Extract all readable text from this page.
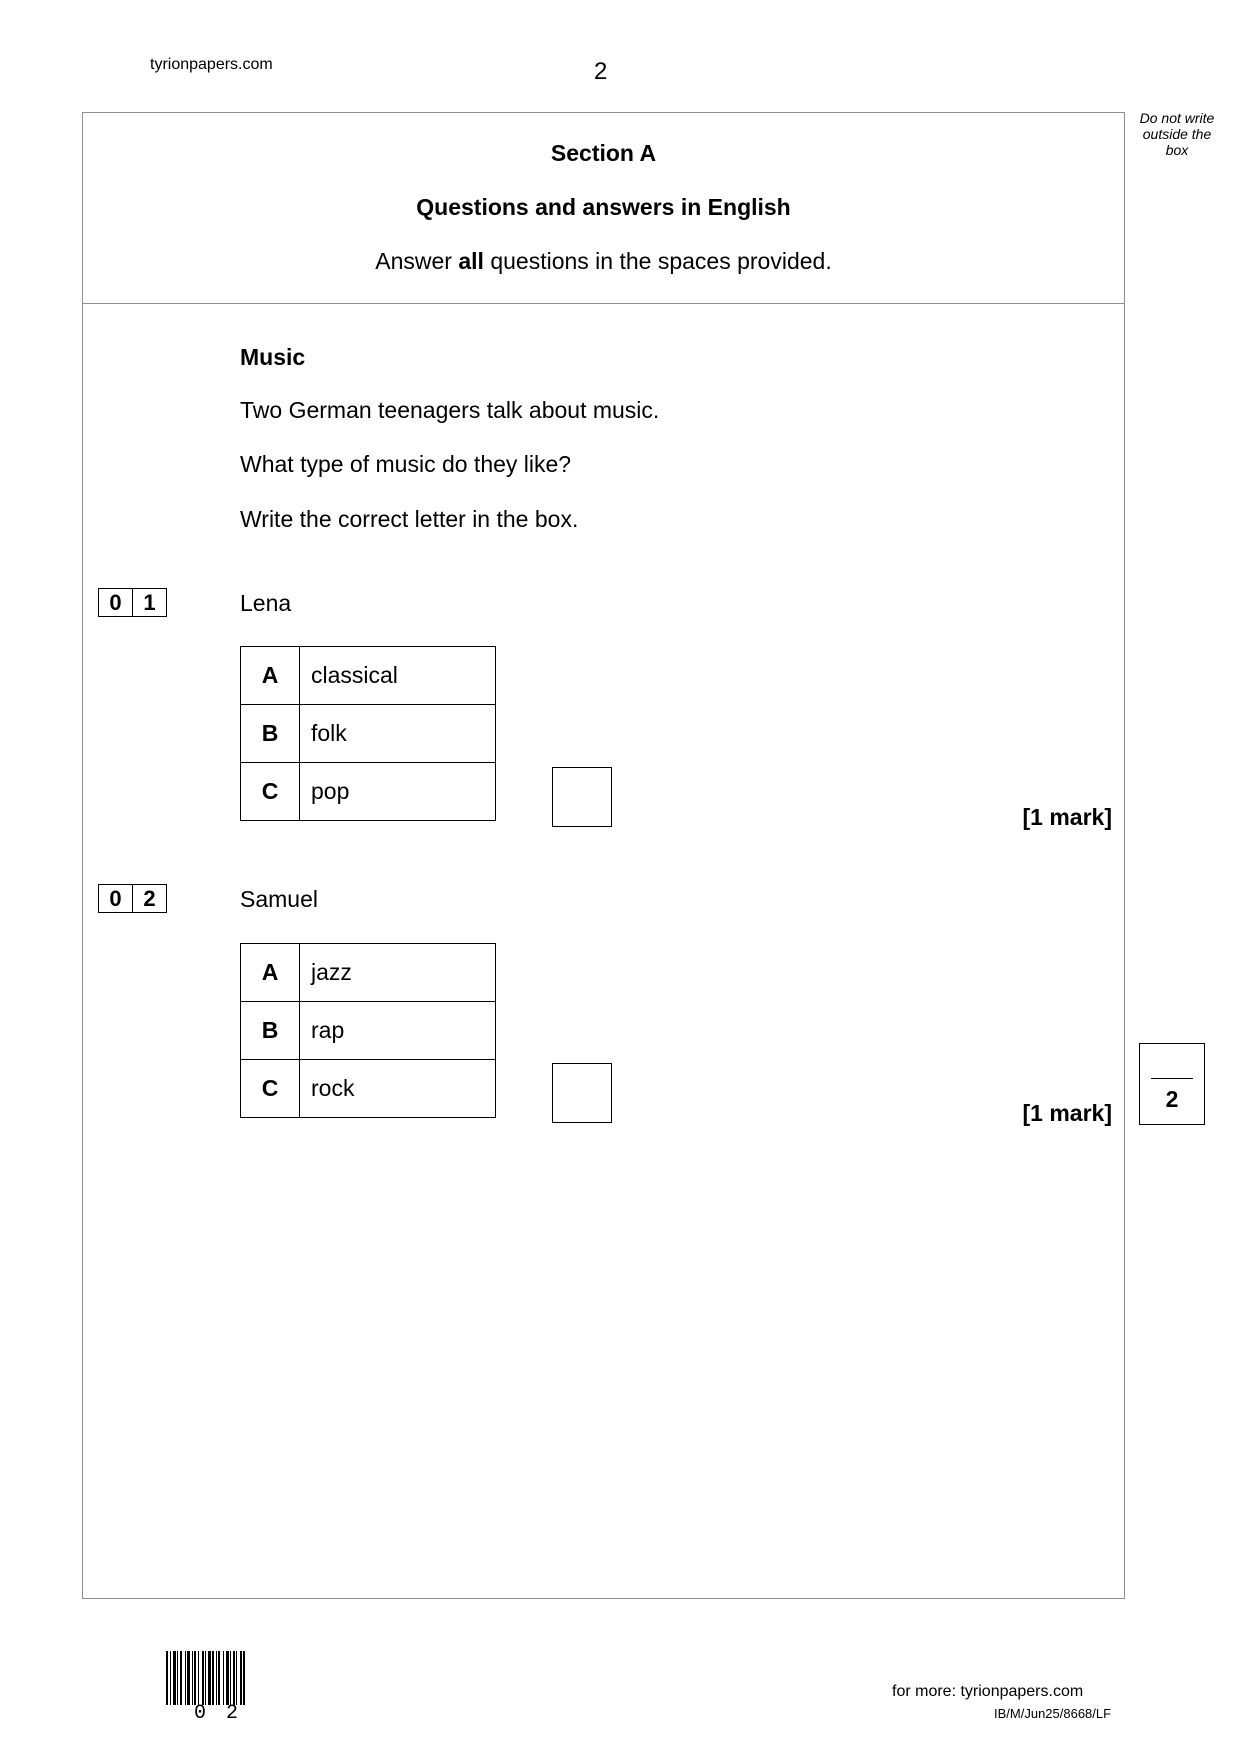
tyrionpapers.com	2
Do not write outside the box
Section A
Questions and answers in English
Answer all questions in the spaces provided.
Music
Two German teenagers talk about music.
What type of music do they like?
Write the correct letter in the box.
0 1	Lena
A	classical
B	folk
C	pop
[1 mark]
0 2	Samuel
A	jazz
B	rap
C	rock
[1 mark]
2
0 2
for more: tyrionpapers.com
IB/M/Jun25/8668/LF
